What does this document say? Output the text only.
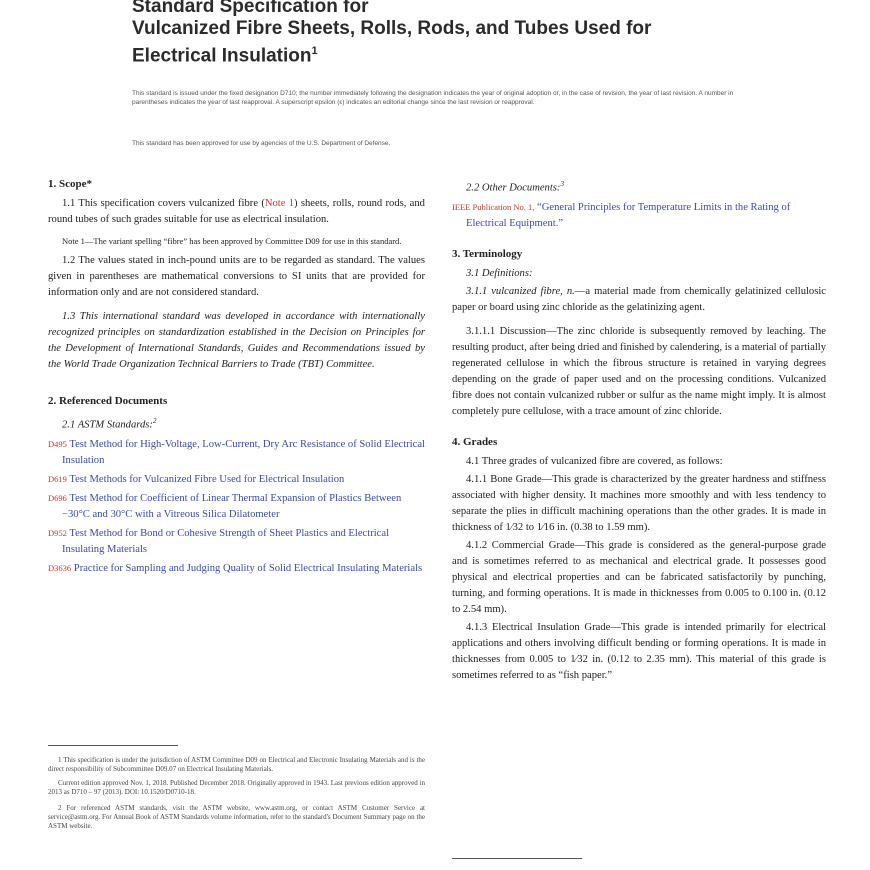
Standard Specification for
Vulcanized Fibre Sheets, Rolls, Rods, and Tubes Used for
Electrical Insulation$^1$

This standard is issued under the fixed designation D710; the number immediately following the designation indicates the year of original adoption or, in the case of revision, the year of last revision. A number in parentheses indicates the year of last reapproval. A superscript epsilon (ε) indicates an editorial change since the last revision or reapproval.

This standard has been approved for use by agencies of the U.S. Department of Defense.

1. Scope*

1.1 This specification covers vulcanized fibre (Note 1) sheets, rolls, round rods, and round tubes of such grades suitable for use as electrical insulation.

Note 1—The variant spelling “fibre” has been approved by Committee D09 for use in this standard.

1.2 The values stated in inch-pound units are to be regarded as standard. The values given in parentheses are mathematical conversions to SI units that are provided for information only and are not considered standard.

1.3 This international standard was developed in accordance with internationally recognized principles on standardization established in the Decision on Principles for the Development of International Standards, Guides and Recommendations issued by the World Trade Organization Technical Barriers to Trade (TBT) Committee.

2. Referenced Documents

2.1 ASTM Standards:$^2$

D495 Test Method for High-Voltage, Low-Current, Dry Arc Resistance of Solid Electrical Insulation

D619 Test Methods for Vulcanized Fibre Used for Electrical Insulation

D696 Test Method for Coefficient of Linear Thermal Expansion of Plastics Between −30°C and 30°C with a Vitreous Silica Dilatometer

D952 Test Method for Bond or Cohesive Strength of Sheet Plastics and Electrical Insulating Materials

D3636 Practice for Sampling and Judging Quality of Solid Electrical Insulating Materials

1 This specification is under the jurisdiction of ASTM Committee D09 on Electrical and Electronic Insulating Materials and is the direct responsibility of Subcommittee D09.07 on Electrical Insulating Materials.

Current edition approved Nov. 1, 2018. Published December 2018. Originally approved in 1943. Last previous edition approved in 2013 as D710 – 97 (2013). DOI: 10.1520/D0710-18.

2 For referenced ASTM standards, visit the ASTM website, www.astm.org, or contact ASTM Customer Service at service@astm.org. For Annual Book of ASTM Standards volume information, refer to the standard's Document Summary page on the ASTM website.

2.2 Other Documents:$^3$

IEEE Publication No. 1, “General Principles for Temperature Limits in the Rating of Electrical Equipment.”

3. Terminology

3.1 Definitions:

3.1.1 vulcanized fibre, n.—a material made from chemically gelatinized cellulosic paper or board using zinc chloride as the gelatinizing agent.

3.1.1.1 Discussion—The zinc chloride is subsequently removed by leaching. The resulting product, after being dried and finished by calendering, is a material of partially regenerated cellulose in which the fibrous structure is retained in varying degrees depending on the grade of paper used and on the processing conditions. Vulcanized fibre does not contain vulcanized rubber or sulfur as the name might imply. It is almost completely pure cellulose, with a trace amount of zinc chloride.

4. Grades

4.1 Three grades of vulcanized fibre are covered, as follows:

4.1.1 Bone Grade—This grade is characterized by the greater hardness and stiffness associated with higher density. It machines more smoothly and with less tendency to separate the plies in difficult machining operations than the other grades. It is made in thickness of 1⁄32 to 1⁄16 in. (0.38 to 1.59 mm).

4.1.2 Commercial Grade—This grade is considered as the general-purpose grade and is sometimes referred to as mechanical and electrical grade. It possesses good physical and electrical properties and can be fabricated satisfactorily by punching, turning, and forming operations. It is made in thicknesses from 0.005 to 0.100 in. (0.12 to 2.54 mm).

4.1.3 Electrical Insulation Grade—This grade is intended primarily for electrical applications and others involving difficult bending or forming operations. It is made in thicknesses from 0.005 to 1⁄32 in. (0.12 to 2.35 mm). This material of this grade is sometimes referred to as “fish paper.”
